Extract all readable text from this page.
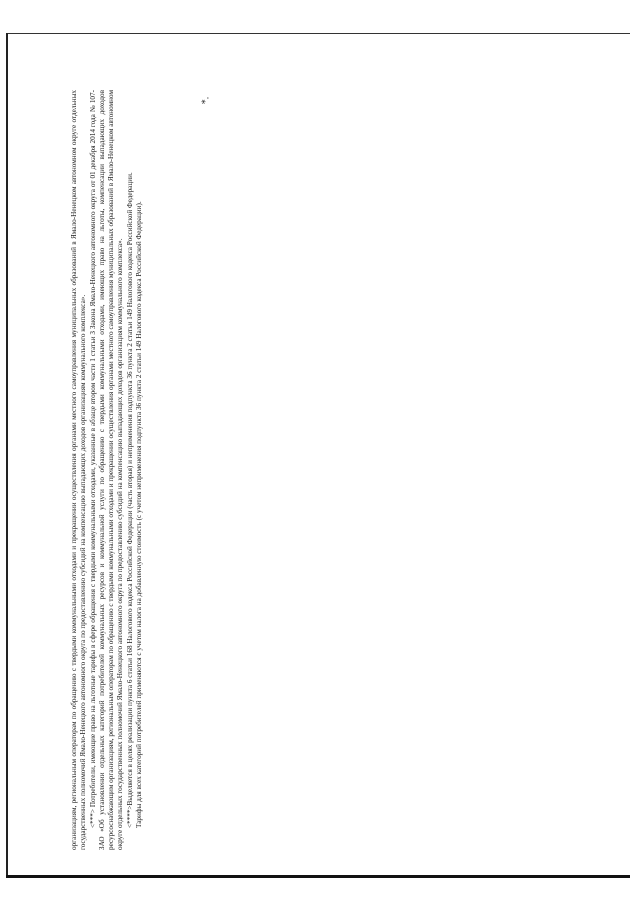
организациям, региональным операторам по обращению с твердыми коммунальными отходами и прекращении осуществления органами местного самоуправления муниципальных образований в Ямало-Ненецком автономном округе отдельных государственных полномочий Ямало-Ненецкого автономного округа по предоставлению субсидий на компенсацию выпадающих доходов организациям коммунального комплекса». <***> Потребители, имеющие право на льготные тарифы в сфере обращения с твердыми коммунальными отходами, указанные в абзаце втором части 1 статьи 3 Закона Ямало-Ненецкого автономного округа от 01 декабря 2014 года № 107-ЗАО «Об установлении отдельных категорий потребителей коммунальных ресурсов и коммунальной услуги по обращению с твердыми коммунальными отходами, имеющих право на льготы, компенсации выпадающих доходов ресурсоснабжающим организациям, региональным операторам по обращению с твердыми коммунальными отходами и прекращении осуществления органами местного самоуправления муниципальных образований в Ямало-Ненецком автономном округе отдельных государственных полномочий Ямало-Ненецкого автономного округа по предоставлению субсидий на компенсацию выпадающих доходов организациям коммунального комплекса». <****>Выделяется в целях реализации пункта 6 статьи 168 Налогового кодекса Российской Федерации (часть вторая) и неприменения подпункта 36 пункта 2 статьи 149 Налогового кодекса Российской Федерации. Тарифы для всех категорий потребителей применяются с учетом налога на добавленную стоимость (с учетом неприменения подпункта 36 пункта 2 статьи 149 Налогового кодекса Российской Федерации).

*.
